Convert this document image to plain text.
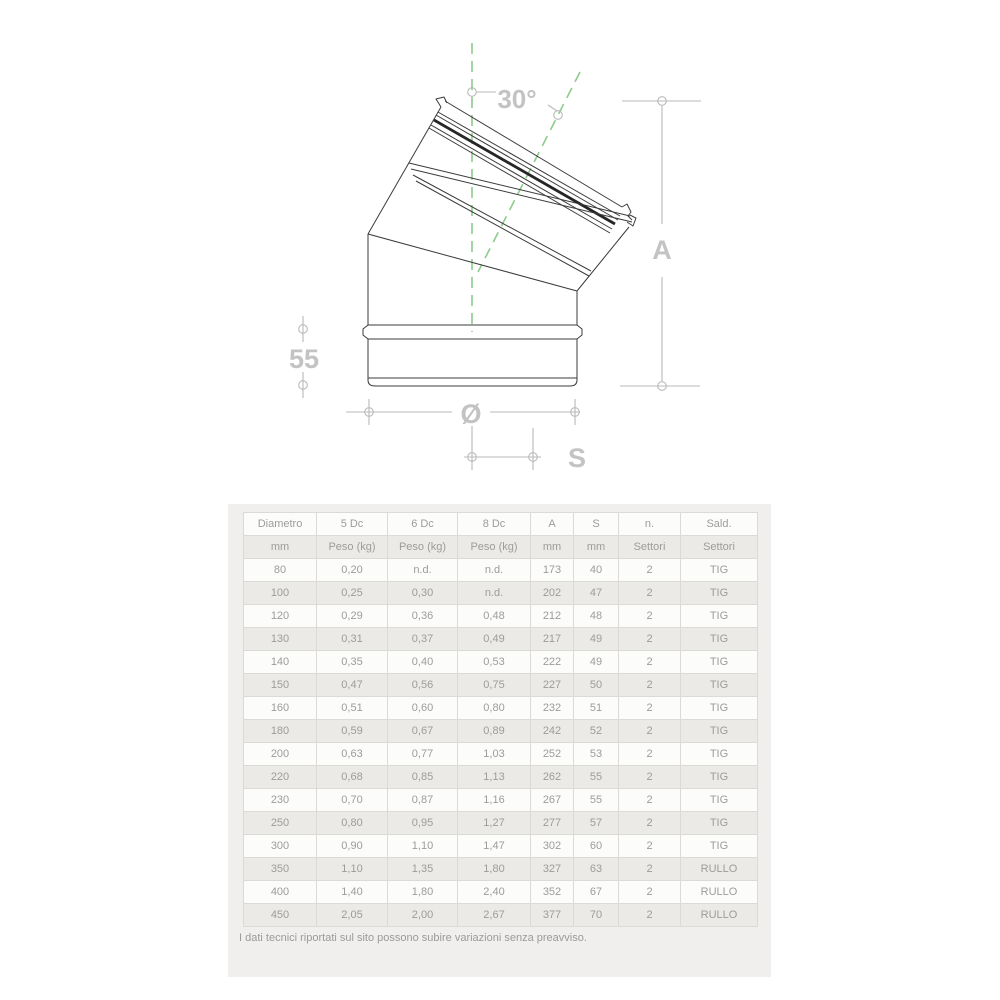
30°
A
55
Ø
S
Diametro	5 Dc	6 Dc	8 Dc	A	S	n.	Sald.
mm	Peso (kg)	Peso (kg)	Peso (kg)	mm	mm	Settori	Settori
80	0,20	n.d.	n.d.	173	40	2	TIG
100	0,25	0,30	n.d.	202	47	2	TIG
120	0,29	0,36	0,48	212	48	2	TIG
130	0,31	0,37	0,49	217	49	2	TIG
140	0,35	0,40	0,53	222	49	2	TIG
150	0,47	0,56	0,75	227	50	2	TIG
160	0,51	0,60	0,80	232	51	2	TIG
180	0,59	0,67	0,89	242	52	2	TIG
200	0,63	0,77	1,03	252	53	2	TIG
220	0,68	0,85	1,13	262	55	2	TIG
230	0,70	0,87	1,16	267	55	2	TIG
250	0,80	0,95	1,27	277	57	2	TIG
300	0,90	1,10	1,47	302	60	2	TIG
350	1,10	1,35	1,80	327	63	2	RULLO
400	1,40	1,80	2,40	352	67	2	RULLO
450	2,05	2,00	2,67	377	70	2	RULLO
I dati tecnici riportati sul sito possono subire variazioni senza preavviso.
